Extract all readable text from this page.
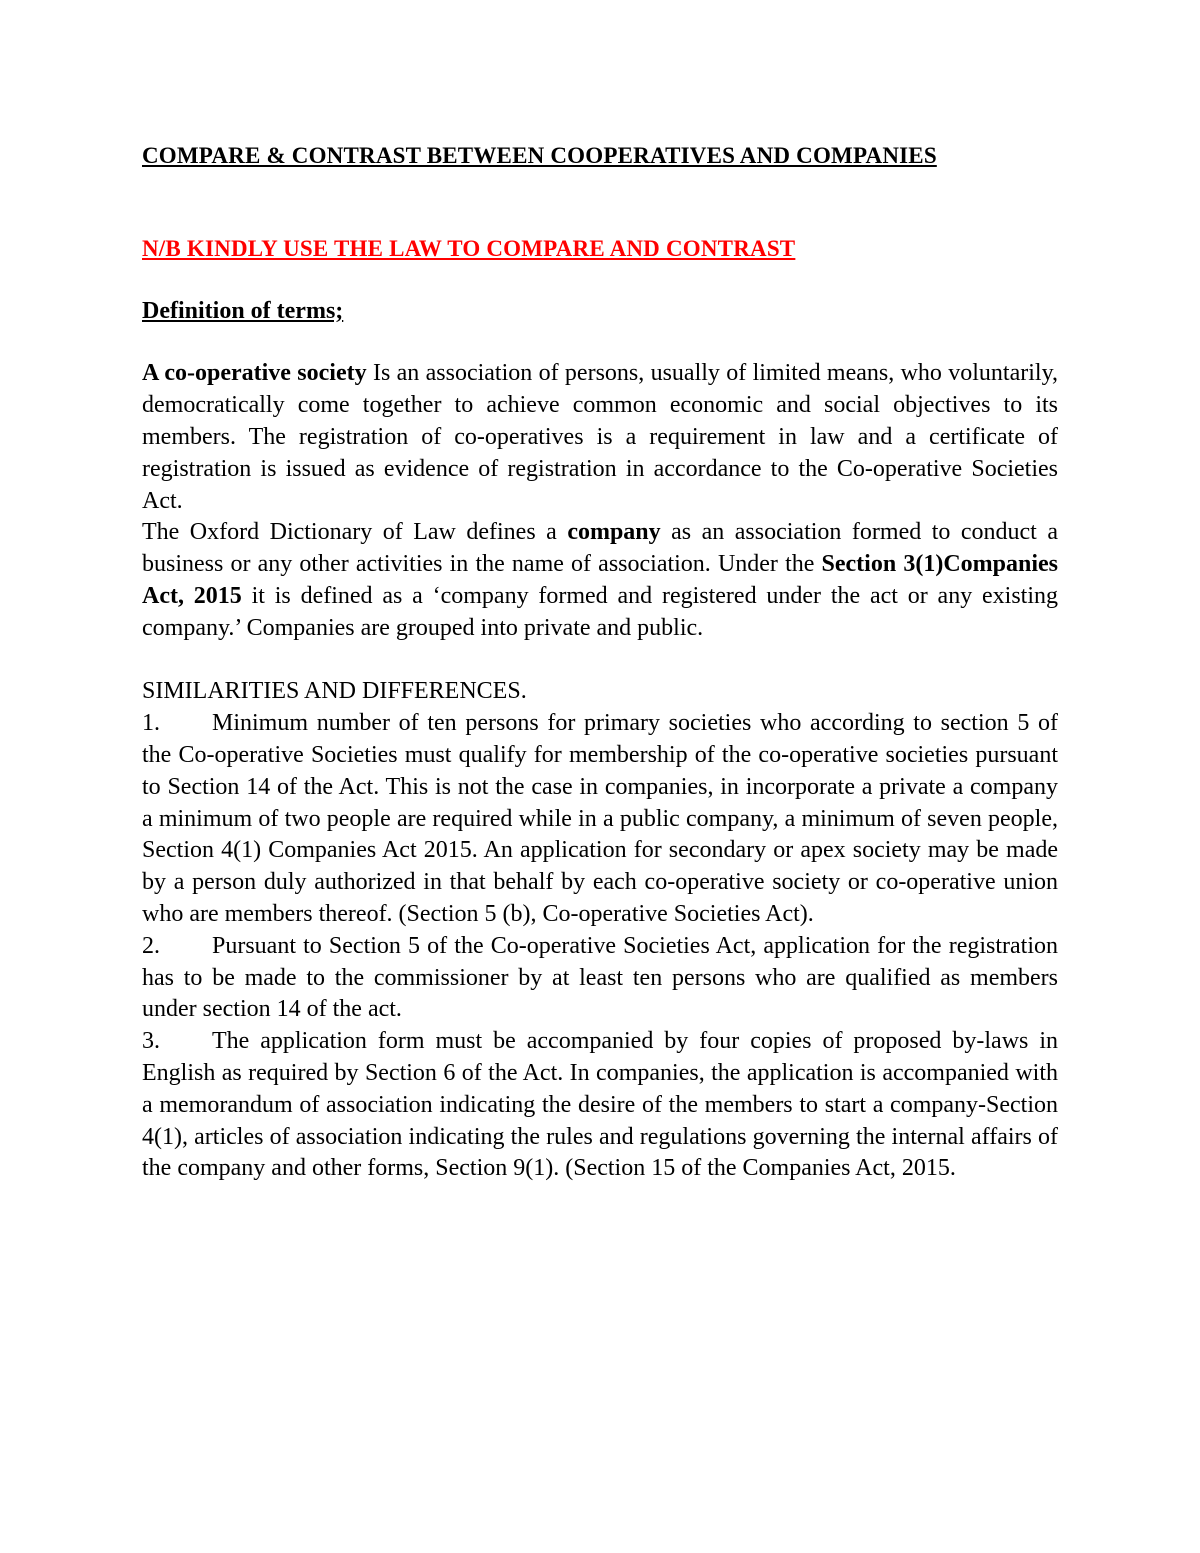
COMPARE & CONTRAST BETWEEN COOPERATIVES AND COMPANIES

N/B KINDLY USE THE LAW TO COMPARE AND CONTRAST

Definition of terms;

A co-operative society Is an association of persons, usually of limited means, who voluntarily, democratically come together to achieve common economic and social objectives to its members. The registration of co-operatives is a requirement in law and a certificate of registration is issued as evidence of registration in accordance to the Co-operative Societies Act.

The Oxford Dictionary of Law defines a company as an association formed to conduct a business or any other activities in the name of association. Under the Section 3(1)Companies Act, 2015 it is defined as a ‘company formed and registered under the act or any existing company.’ Companies are grouped into private and public.

SIMILARITIES AND DIFFERENCES.

1. Minimum number of ten persons for primary societies who according to section 5 of the Co-operative Societies must qualify for membership of the co-operative societies pursuant to Section 14 of the Act. This is not the case in companies, in incorporate a private a company a minimum of two people are required while in a public company, a minimum of seven people, Section 4(1) Companies Act 2015. An application for secondary or apex society may be made by a person duly authorized in that behalf by each co-operative society or co-operative union who are members thereof. (Section 5 (b), Co-operative Societies Act).

2. Pursuant to Section 5 of the Co-operative Societies Act, application for the registration has to be made to the commissioner by at least ten persons who are qualified as members under section 14 of the act.

3. The application form must be accompanied by four copies of proposed by-laws in English as required by Section 6 of the Act. In companies, the application is accompanied with a memorandum of association indicating the desire of the members to start a company-Section 4(1), articles of association indicating the rules and regulations governing the internal affairs of the company and other forms, Section 9(1). (Section 15 of the Companies Act, 2015.
